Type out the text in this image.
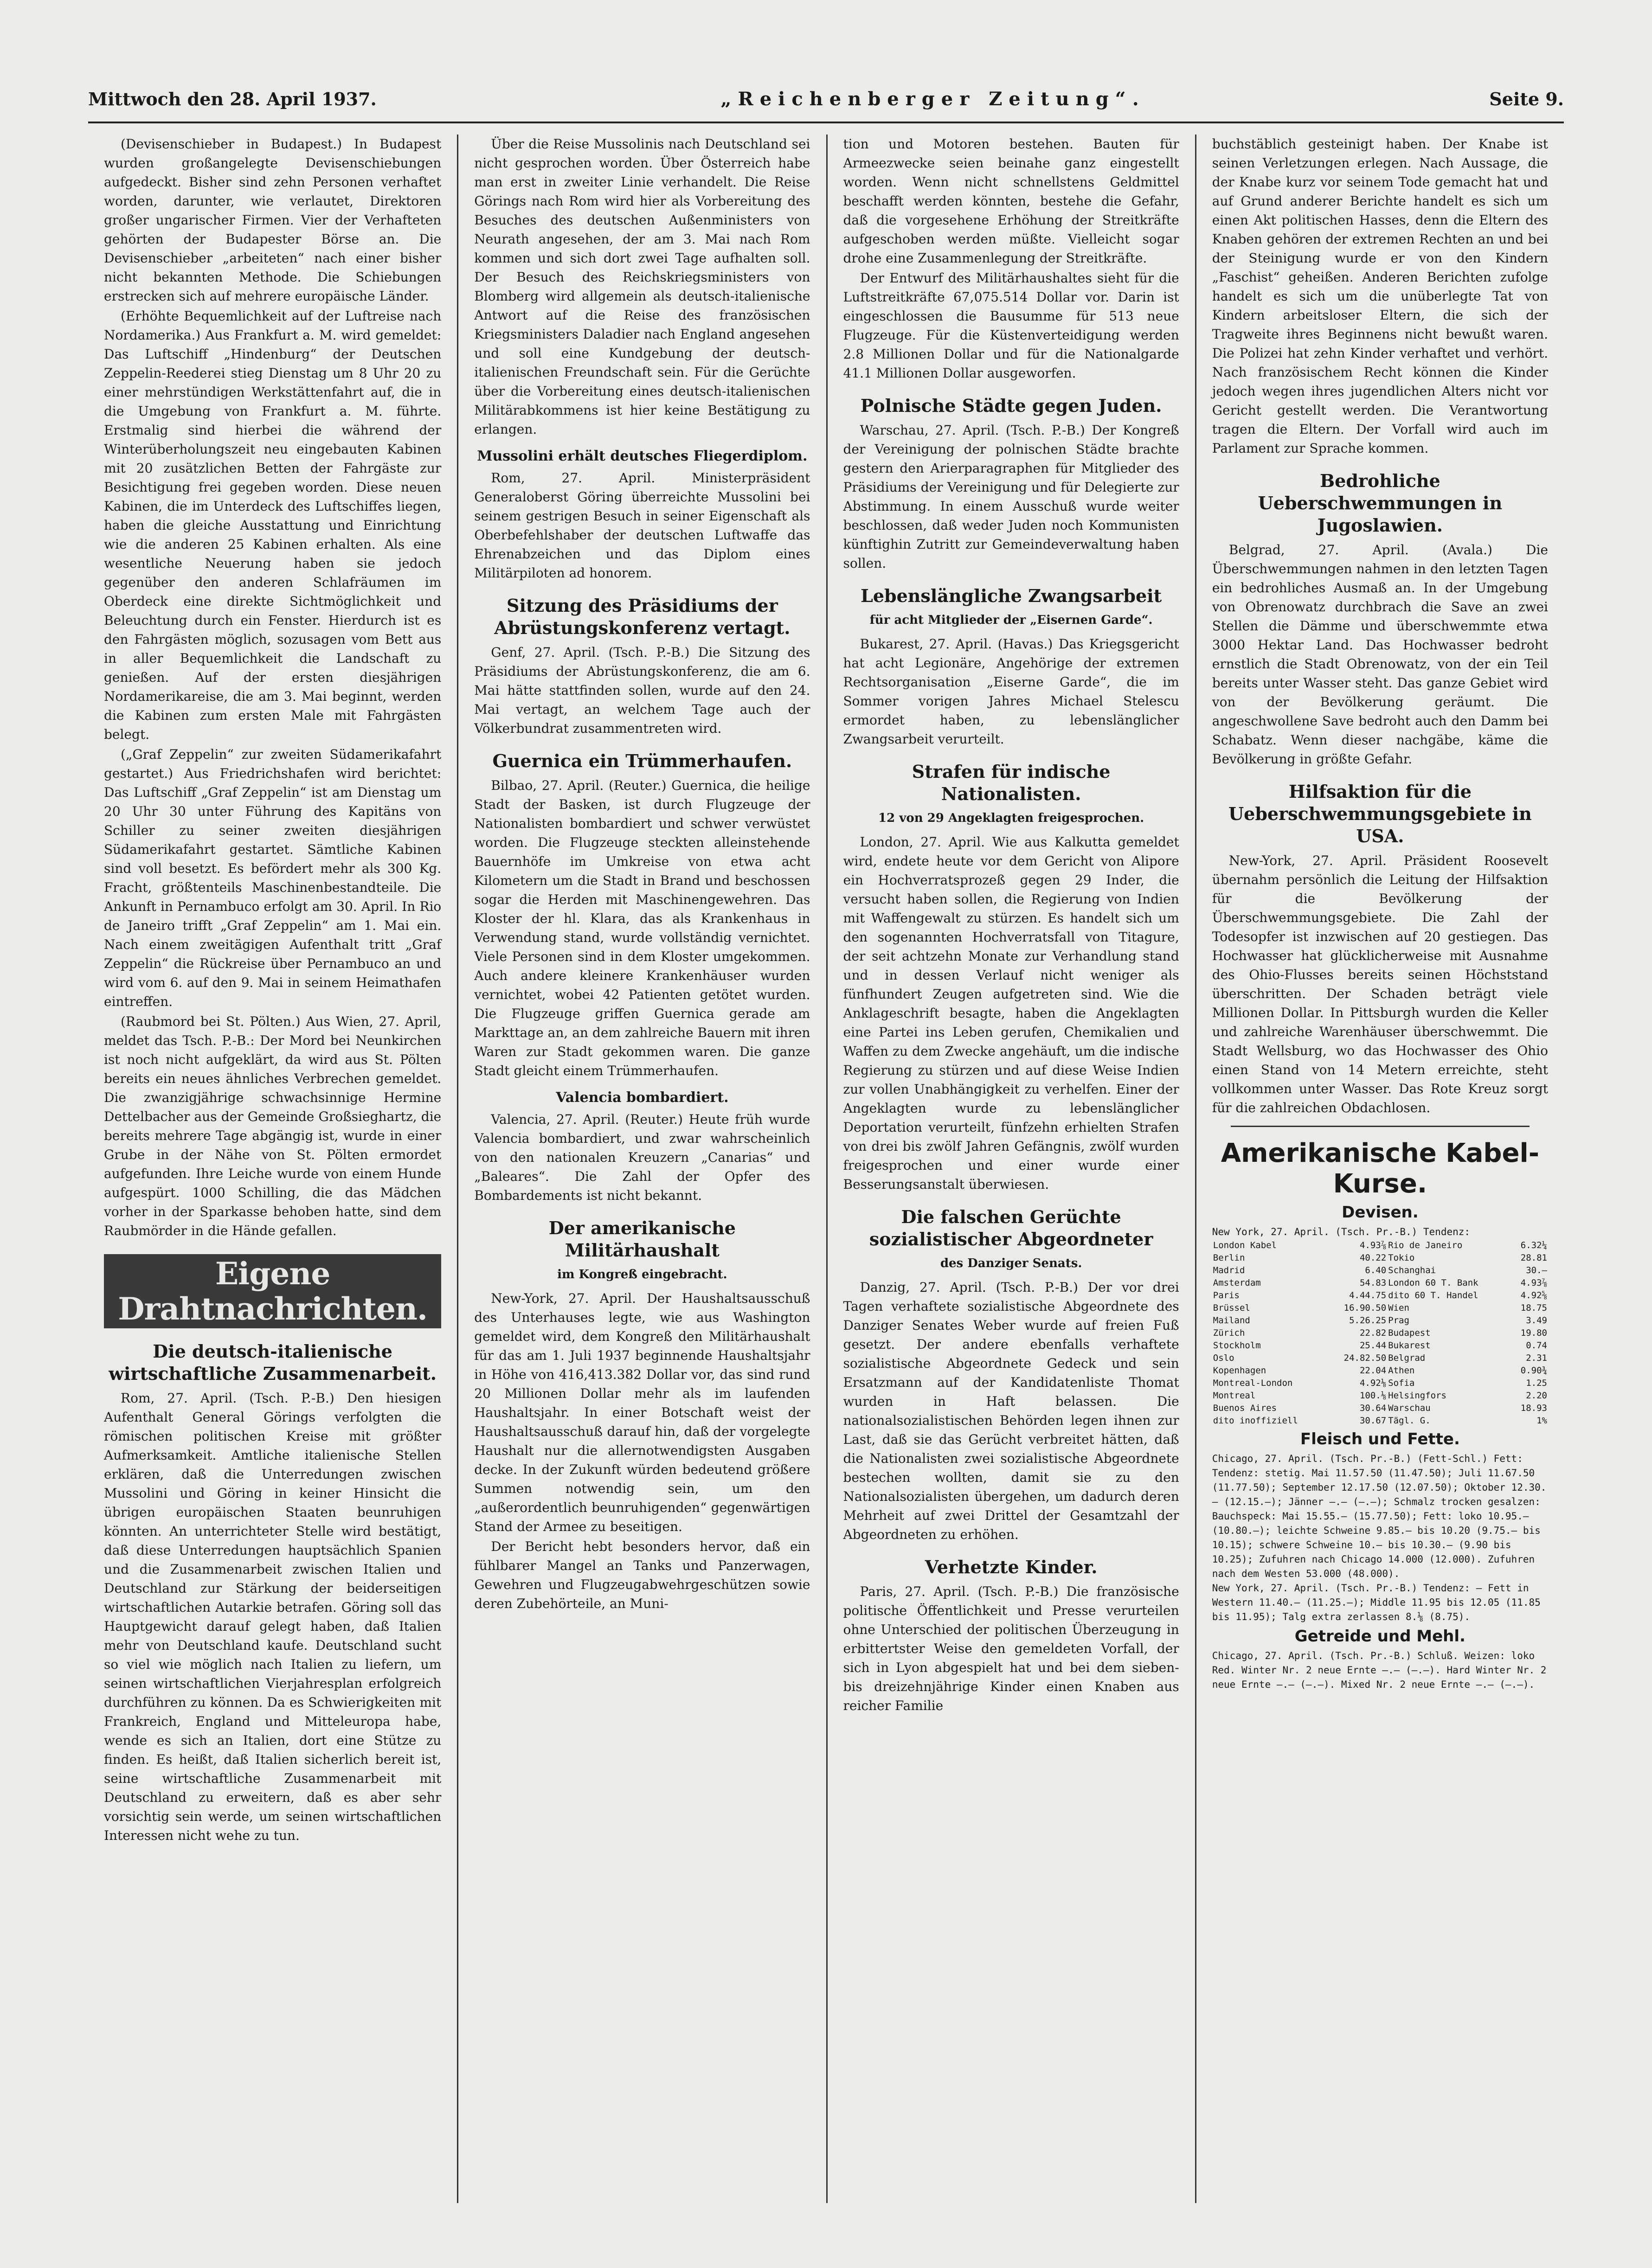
Mittwoch den 28. April 1937.	„Reichenberger Zeitung“.	Seite 9.

(Devisenschieber in Budapest.) In Budapest wurden großangelegte Devisenschiebungen aufgedeckt. Bisher sind zehn Personen verhaftet worden, darunter, wie verlautet, Direktoren großer ungarischer Firmen. Vier der Verhafteten gehörten der Budapester Börse an. Die Devisenschieber „arbeiteten“ nach einer bisher nicht bekannten Methode. Die Schiebungen erstrecken sich auf mehrere europäische Länder.

(Erhöhte Bequemlichkeit auf der Luftreise nach Nordamerika.) Aus Frankfurt a. M. wird gemeldet: Das Luftschiff „Hindenburg“ der Deutschen Zeppelin-Reederei stieg Dienstag um 8 Uhr 20 zu einer mehrstündigen Werkstättenfahrt auf, die in die Umgebung von Frankfurt a. M. führte. Erstmalig sind hierbei die während der Winterüberholungszeit neu eingebauten Kabinen mit 20 zusätzlichen Betten der Fahrgäste zur Besichtigung frei gegeben worden. Diese neuen Kabinen, die im Unterdeck des Luftschiffes liegen, haben die gleiche Ausstattung und Einrichtung wie die anderen 25 Kabinen erhalten. Als eine wesentliche Neuerung haben sie jedoch gegenüber den anderen Schlafräumen im Oberdeck eine direkte Sichtmöglichkeit und Beleuchtung durch ein Fenster. Hierdurch ist es den Fahrgästen möglich, sozusagen vom Bett aus in aller Bequemlichkeit die Landschaft zu genießen. Auf der ersten diesjährigen Nordamerikareise, die am 3. Mai beginnt, werden die Kabinen zum ersten Male mit Fahrgästen belegt.

(„Graf Zeppelin“ zur zweiten Südamerikafahrt gestartet.) Aus Friedrichshafen wird berichtet: Das Luftschiff „Graf Zeppelin“ ist am Dienstag um 20 Uhr 30 unter Führung des Kapitäns von Schiller zu seiner zweiten diesjährigen Südamerikafahrt gestartet. Sämtliche Kabinen sind voll besetzt. Es befördert mehr als 300 Kg. Fracht, größtenteils Maschinenbestandteile. Die Ankunft in Pernambuco erfolgt am 30. April. In Rio de Janeiro trifft „Graf Zeppelin“ am 1. Mai ein. Nach einem zweitägigen Aufenthalt tritt „Graf Zeppelin“ die Rückreise über Pernambuco an und wird vom 6. auf den 9. Mai in seinem Heimathafen eintreffen.

(Raubmord bei St. Pölten.) Aus Wien, 27. April, meldet das Tsch. P.-B.: Der Mord bei Neunkirchen ist noch nicht aufgeklärt, da wird aus St. Pölten bereits ein neues ähnliches Verbrechen gemeldet. Die zwanzigjährige schwachsinnige Hermine Dettelbacher aus der Gemeinde Großsieghartz, die bereits mehrere Tage abgängig ist, wurde in einer Grube in der Nähe von St. Pölten ermordet aufgefunden. Ihre Leiche wurde von einem Hunde aufgespürt. 1000 Schilling, die das Mädchen vorher in der Sparkasse behoben hatte, sind dem Raubmörder in die Hände gefallen.

Eigene Drahtnachrichten.
Die deutsch-italienische wirtschaftliche Zusammenarbeit.

Rom, 27. April. (Tsch. P.-B.) Den hiesigen Aufenthalt General Görings verfolgten die römischen politischen Kreise mit größter Aufmerksamkeit. Amtliche italienische Stellen erklären, daß die Unterredungen zwischen Mussolini und Göring in keiner Hinsicht die übrigen europäischen Staaten beunruhigen könnten. An unterrichteter Stelle wird bestätigt, daß diese Unterredungen hauptsächlich Spanien und die Zusammenarbeit zwischen Italien und Deutschland zur Stärkung der beiderseitigen wirtschaftlichen Autarkie betrafen. Göring soll das Hauptgewicht darauf gelegt haben, daß Italien mehr von Deutschland kaufe. Deutschland sucht so viel wie möglich nach Italien zu liefern, um seinen wirtschaftlichen Vierjahresplan erfolgreich durchführen zu können. Da es Schwierigkeiten mit Frankreich, England und Mitteleuropa habe, wende es sich an Italien, dort eine Stütze zu finden. Es heißt, daß Italien sicherlich bereit ist, seine wirtschaftliche Zusammenarbeit mit Deutschland zu erweitern, daß es aber sehr vorsichtig sein werde, um seinen wirtschaftlichen Interessen nicht wehe zu tun.

Über die Reise Mussolinis nach Deutschland sei nicht gesprochen worden. Über Österreich habe man erst in zweiter Linie verhandelt. Die Reise Görings nach Rom wird hier als Vorbereitung des Besuches des deutschen Außenministers von Neurath angesehen, der am 3. Mai nach Rom kommen und sich dort zwei Tage aufhalten soll. Der Besuch des Reichskriegsministers von Blomberg wird allgemein als deutsch-italienische Antwort auf die Reise des französischen Kriegsministers Daladier nach England angesehen und soll eine Kundgebung der deutsch-italienischen Freundschaft sein. Für die Gerüchte über die Vorbereitung eines deutsch-italienischen Militärabkommens ist hier keine Bestätigung zu erlangen.

Mussolini erhält deutsches Fliegerdiplom.

Rom, 27. April. Ministerpräsident Generaloberst Göring überreichte Mussolini bei seinem gestrigen Besuch in seiner Eigenschaft als Oberbefehlshaber der deutschen Luftwaffe das Ehrenabzeichen und das Diplom eines Militärpiloten ad honorem.

Sitzung des Präsidiums der Abrüstungskonferenz vertagt.

Genf, 27. April. (Tsch. P.-B.) Die Sitzung des Präsidiums der Abrüstungskonferenz, die am 6. Mai hätte stattfinden sollen, wurde auf den 24. Mai vertagt, an welchem Tage auch der Völkerbundrat zusammentreten wird.

Guernica ein Trümmerhaufen.

Bilbao, 27. April. (Reuter.) Guernica, die heilige Stadt der Basken, ist durch Flugzeuge der Nationalisten bombardiert und schwer verwüstet worden. Die Flugzeuge steckten alleinstehende Bauernhöfe im Umkreise von etwa acht Kilometern um die Stadt in Brand und beschossen sogar die Herden mit Maschinengewehren. Das Kloster der hl. Klara, das als Krankenhaus in Verwendung stand, wurde vollständig vernichtet. Viele Personen sind in dem Kloster umgekommen. Auch andere kleinere Krankenhäuser wurden vernichtet, wobei 42 Patienten getötet wurden. Die Flugzeuge griffen Guernica gerade am Markttage an, an dem zahlreiche Bauern mit ihren Waren zur Stadt gekommen waren. Die ganze Stadt gleicht einem Trümmerhaufen.

Valencia bombardiert.

Valencia, 27. April. (Reuter.) Heute früh wurde Valencia bombardiert, und zwar wahrscheinlich von den nationalen Kreuzern „Canarias“ und „Baleares“. Die Zahl der Opfer des Bombardements ist nicht bekannt.

Der amerikanische Militärhaushalt
im Kongreß eingebracht.

New-York, 27. April. Der Haushaltsausschuß des Unterhauses legte, wie aus Washington gemeldet wird, dem Kongreß den Militärhaushalt für das am 1. Juli 1937 beginnende Haushaltsjahr in Höhe von 416,413.382 Dollar vor, das sind rund 20 Millionen Dollar mehr als im laufenden Haushaltsjahr. In einer Botschaft weist der Haushaltsausschuß darauf hin, daß der vorgelegte Haushalt nur die allernotwendigsten Ausgaben decke. In der Zukunft würden bedeutend größere Summen notwendig sein, um den „außerordentlich beunruhigenden“ gegenwärtigen Stand der Armee zu beseitigen.

Der Bericht hebt besonders hervor, daß ein fühlbarer Mangel an Tanks und Panzerwagen, Gewehren und Flugzeugabwehrgeschützen sowie deren Zubehörteile, an Muni-

tion und Motoren bestehen. Bauten für Armeezwecke seien beinahe ganz eingestellt worden. Wenn nicht schnellstens Geldmittel beschafft werden könnten, bestehe die Gefahr, daß die vorgesehene Erhöhung der Streitkräfte aufgeschoben werden müßte. Vielleicht sogar drohe eine Zusammenlegung der Streitkräfte.

Der Entwurf des Militärhaushaltes sieht für die Luftstreitkräfte 67,075.514 Dollar vor. Darin ist eingeschlossen die Bausumme für 513 neue Flugzeuge. Für die Küstenverteidigung werden 2.8 Millionen Dollar und für die Nationalgarde 41.1 Millionen Dollar ausgeworfen.

Polnische Städte gegen Juden.

Warschau, 27. April. (Tsch. P.-B.) Der Kongreß der Vereinigung der polnischen Städte brachte gestern den Arierparagraphen für Mitglieder des Präsidiums der Vereinigung und für Delegierte zur Abstimmung. In einem Ausschuß wurde weiter beschlossen, daß weder Juden noch Kommunisten künftighin Zutritt zur Gemeindeverwaltung haben sollen.

Lebenslängliche Zwangsarbeit
für acht Mitglieder der „Eisernen Garde“.

Bukarest, 27. April. (Havas.) Das Kriegsgericht hat acht Legionäre, Angehörige der extremen Rechtsorganisation „Eiserne Garde“, die im Sommer vorigen Jahres Michael Stelescu ermordet haben, zu lebenslänglicher Zwangsarbeit verurteilt.

Strafen für indische Nationalisten.
12 von 29 Angeklagten freigesprochen.

London, 27. April. Wie aus Kalkutta gemeldet wird, endete heute vor dem Gericht von Alipore ein Hochverratsprozeß gegen 29 Inder, die versucht haben sollen, die Regierung von Indien mit Waffengewalt zu stürzen. Es handelt sich um den sogenannten Hochverratsfall von Titagure, der seit achtzehn Monate zur Verhandlung stand und in dessen Verlauf nicht weniger als fünfhundert Zeugen aufgetreten sind. Wie die Anklageschrift besagte, haben die Angeklagten eine Partei ins Leben gerufen, Chemikalien und Waffen zu dem Zwecke angehäuft, um die indische Regierung zu stürzen und auf diese Weise Indien zur vollen Unabhängigkeit zu verhelfen. Einer der Angeklagten wurde zu lebenslänglicher Deportation verurteilt, fünfzehn erhielten Strafen von drei bis zwölf Jahren Gefängnis, zwölf wurden freigesprochen und einer wurde einer Besserungsanstalt überwiesen.

Die falschen Gerüchte sozialistischer Abgeordneter
des Danziger Senats.

Danzig, 27. April. (Tsch. P.-B.) Der vor drei Tagen verhaftete sozialistische Abgeordnete des Danziger Senates Weber wurde auf freien Fuß gesetzt. Der andere ebenfalls verhaftete sozialistische Abgeordnete Gedeck und sein Ersatzmann auf der Kandidatenliste Thomat wurden in Haft belassen. Die nationalsozialistischen Behörden legen ihnen zur Last, daß sie das Gerücht verbreitet hätten, daß die Nationalisten zwei sozialistische Abgeordnete bestechen wollten, damit sie zu den Nationalsozialisten übergehen, um dadurch deren Mehrheit auf zwei Drittel der Gesamtzahl der Abgeordneten zu erhöhen.

Verhetzte Kinder.

Paris, 27. April. (Tsch. P.-B.) Die französische politische Öffentlichkeit und Presse verurteilen ohne Unterschied der politischen Überzeugung in erbittertster Weise den gemeldeten Vorfall, der sich in Lyon abgespielt hat und bei dem sieben- bis dreizehnjährige Kinder einen Knaben aus reicher Familie

buchstäblich gesteinigt haben. Der Knabe ist seinen Verletzungen erlegen. Nach Aussage, die der Knabe kurz vor seinem Tode gemacht hat und auf Grund anderer Berichte handelt es sich um einen Akt politischen Hasses, denn die Eltern des Knaben gehören der extremen Rechten an und bei der Steinigung wurde er von den Kindern „Faschist“ geheißen. Anderen Berichten zufolge handelt es sich um die unüberlegte Tat von Kindern arbeitsloser Eltern, die sich der Tragweite ihres Beginnens nicht bewußt waren. Die Polizei hat zehn Kinder verhaftet und verhört. Nach französischem Recht können die Kinder jedoch wegen ihres jugendlichen Alters nicht vor Gericht gestellt werden. Die Verantwortung tragen die Eltern. Der Vorfall wird auch im Parlament zur Sprache kommen.

Bedrohliche Ueberschwemmungen in Jugoslawien.

Belgrad, 27. April. (Avala.) Die Überschwemmungen nahmen in den letzten Tagen ein bedrohliches Ausmaß an. In der Umgebung von Obrenowatz durchbrach die Save an zwei Stellen die Dämme und überschwemmte etwa 3000 Hektar Land. Das Hochwasser bedroht ernstlich die Stadt Obrenowatz, von der ein Teil bereits unter Wasser steht. Das ganze Gebiet wird von der Bevölkerung geräumt. Die angeschwollene Save bedroht auch den Damm bei Schabatz. Wenn dieser nachgäbe, käme die Bevölkerung in größte Gefahr.

Hilfsaktion für die Ueberschwemmungsgebiete in USA.

New-York, 27. April. Präsident Roosevelt übernahm persönlich die Leitung der Hilfsaktion für die Bevölkerung der Überschwemmungsgebiete. Die Zahl der Todesopfer ist inzwischen auf 20 gestiegen. Das Hochwasser hat glücklicherweise mit Ausnahme des Ohio-Flusses bereits seinen Höchststand überschritten. Der Schaden beträgt viele Millionen Dollar. In Pittsburgh wurden die Keller und zahlreiche Warenhäuser überschwemmt. Die Stadt Wellsburg, wo das Hochwasser des Ohio einen Stand von 14 Metern erreichte, steht vollkommen unter Wasser. Das Rote Kreuz sorgt für die zahlreichen Obdachlosen.

Amerikanische Kabel-Kurse.
Devisen.

New York, 27. April. (Tsch. Pr.-B.) Tendenz:

London Kabel	4.93⅞	Rio de Janeiro	6.32¼
Berlin	40.22	Tokio	28.81
Madrid	6.40	Schanghai	30.—
Amsterdam	54.83	London 60 T. Bank	4.93⅞
Paris	4.44.75	dito 60 T. Handel	4.92⅝
Brüssel	16.90.50	Wien	18.75
Mailand	5.26.25	Prag	3.49
Zürich	22.82	Budapest	19.80
Stockholm	25.44	Bukarest	0.74
Oslo	24.82.50	Belgrad	2.31
Kopenhagen	22.04	Athen	0.90¾
Montreal-London	4.92⅛	Sofia	1.25
Montreal	100.⅛	Helsingfors	2.20
Buenos Aires	30.64	Warschau	18.93
dito inoffiziell	30.67	Tägl. G.	1%
Fleisch und Fette.

Chicago, 27. April. (Tsch. Pr.-B.) (Fett-Schl.) Fett: Tendenz: stetig. Mai 11.57.50 (11.47.50); Juli 11.67.50 (11.77.50); September 12.17.50 (12.07.50); Oktober 12.30.— (12.15.—); Jänner —.— (—.—); Schmalz trocken gesalzen: Bauchspeck: Mai 15.55.— (15.77.50); Fett: loko 10.95.— (10.80.—); leichte Schweine 9.85.— bis 10.20 (9.75.— bis 10.15); schwere Schweine 10.— bis 10.30.— (9.90 bis 10.25); Zufuhren nach Chicago 14.000 (12.000). Zufuhren nach dem Westen 53.000 (48.000).

New York, 27. April. (Tsch. Pr.-B.) Tendenz: — Fett in Western 11.40.— (11.25.—); Middle 11.95 bis 12.05 (11.85 bis 11.95); Talg extra zerlassen 8.⅛ (8.75).

Getreide und Mehl.

Chicago, 27. April. (Tsch. Pr.-B.) Schluß. Weizen: loko Red. Winter Nr. 2 neue Ernte —.— (—.—). Hard Winter Nr. 2 neue Ernte —.— (—.—). Mixed Nr. 2 neue Ernte —.— (—.—).
